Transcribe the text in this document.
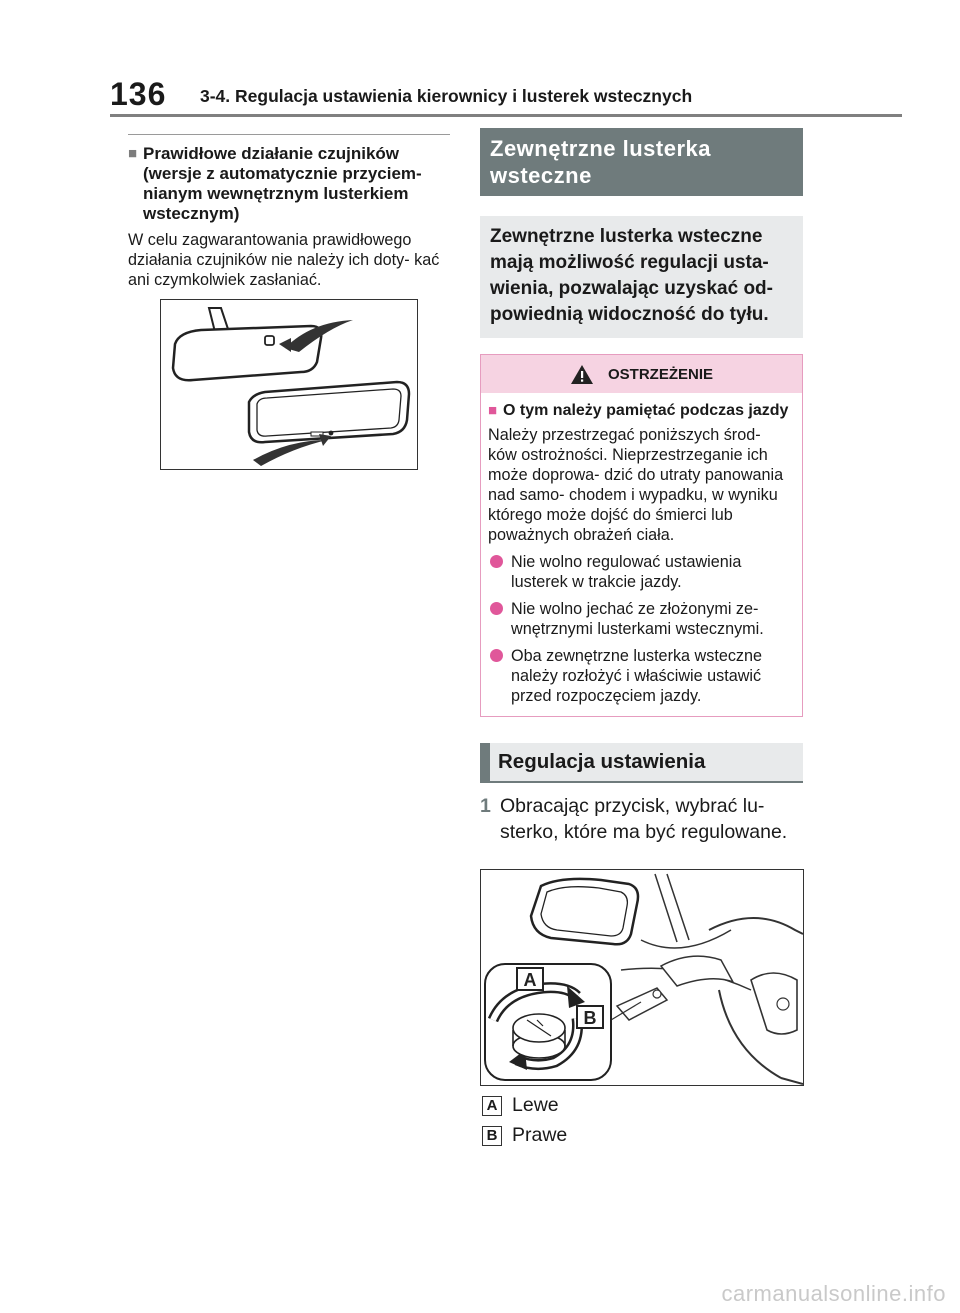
136 3-4. Regulacja ustawienia kierownicy i lusterek wstecznych
■ Prawidłowe działanie czujników (wersje z automatycznie przyciem- nianym wewnętrznym lusterkiem wstecznym)
W celu zagwarantowania prawidłowego działania czujników nie należy ich doty- kać ani czymkolwiek zasłaniać.
Zewnętrzne lusterka wsteczne
Zewnętrzne lusterka wsteczne mają możliwość regulacji usta- wienia, pozwalając uzyskać od- powiednią widoczność do tyłu.
OSTRZEŻENIE
■ O tym należy pamiętać podczas jazdy
Należy przestrzegać poniższych środ- ków ostrożności. Nieprzestrzeganie ich może doprowa- dzić do utraty panowania nad samo- chodem i wypadku, w wyniku którego może dojść do śmierci lub poważnych obrażeń ciała.
Nie wolno regulować ustawienia lusterek w trakcie jazdy.
Nie wolno jechać ze złożonymi ze- wnętrznymi lusterkami wstecznymi.
Oba zewnętrzne lusterka wsteczne należy rozłożyć i właściwie ustawić przed rozpoczęciem jazdy.
Regulacja ustawienia
1 Obracając przycisk, wybrać lu- sterko, które ma być regulowane.
A
B
A Lewe
B Prawe
carmanualsonline.info
